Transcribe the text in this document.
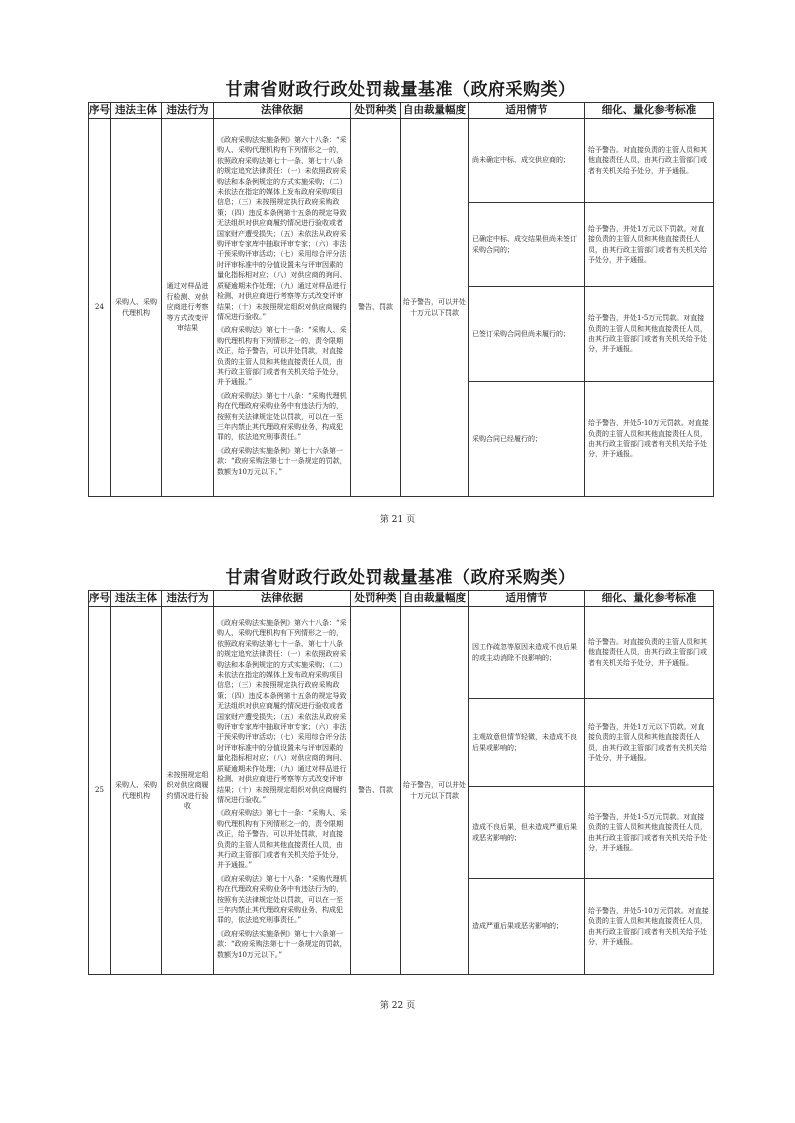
甘肃省财政行政处罚裁量基准（政府采购类）
序号	违法主体	违法行为	法律依据	处罚种类	自由裁量幅度	适用情节	细化、量化参考标准
24	采购人、采购代理机构	通过对样品进行检测、对供应商进行考察等方式改变评审结果	《政府采购法实施条例》第六十八条：“采购人、采购代理机构有下列情形之一的，依照政府采购法第七十一条、第七十八条的规定追究法律责任：（一）未依照政府采购法和本条例规定的方式实施采购；（二）未依法在指定的媒体上发布政府采购项目信息；（三）未按照规定执行政府采购政策；（四）违反本条例第十五条的规定导致无法组织对供应商履约情况进行验收或者国家财产遭受损失；（五）未依法从政府采购评审专家库中抽取评审专家；（六）非法干预采购评审活动；（七）采用综合评分法时评审标准中的分值设置未与评审因素的量化指标相对应；（八）对供应商的询问、质疑逾期未作处理；（九）通过对样品进行检测、对供应商进行考察等方式改变评审结果；（十）未按照规定组织对供应商履约情况进行验收。”

《政府采购法》第七十一条：“采购人、采购代理机构有下列情形之一的，责令限期改正，给予警告，可以并处罚款，对直接负责的主管人员和其他直接责任人员，由其行政主管部门或者有关机关给予处分，并予通报。”

《政府采购法》第七十八条：“采购代理机构在代理政府采购业务中有违法行为的，按照有关法律规定处以罚款，可以在一至三年内禁止其代理政府采购业务，构成犯罪的，依法追究刑事责任。”

《政府采购法实施条例》第七十六条第一款：“政府采购法第七十一条规定的罚款，数额为10万元以下。”	警告、罚款	给予警告，可以并处十万元以下罚款	尚未确定中标、成交供应商的；	给予警告。对直接负责的主管人员和其他直接责任人员，由其行政主管部门或者有关机关给予处分，并予通报。
						已确定中标、成交结果但尚未签订采购合同的；	给予警告，并处1万元以下罚款。对直接负责的主管人员和其他直接责任人员，由其行政主管部门或者有关机关给予处分，并予通报。
						已签订采购合同但尚未履行的；	给予警告，并处1-5万元罚款。对直接负责的主管人员和其他直接责任人员，由其行政主管部门或者有关机关给予处分，并予通报。
						采购合同已经履行的；	给予警告，并处5-10万元罚款。对直接负责的主管人员和其他直接责任人员，由其行政主管部门或者有关机关给予处分，并予通报。
第 21 页
甘肃省财政行政处罚裁量基准（政府采购类）
序号	违法主体	违法行为	法律依据	处罚种类	自由裁量幅度	适用情节	细化、量化参考标准
25	采购人、采购代理机构	未按照规定组织对供应商履约情况进行验收	《政府采购法实施条例》第六十八条：“采购人、采购代理机构有下列情形之一的，依照政府采购法第七十一条、第七十八条的规定追究法律责任：（一）未依照政府采购法和本条例规定的方式实施采购；（二）未依法在指定的媒体上发布政府采购项目信息；（三）未按照规定执行政府采购政策；（四）违反本条例第十五条的规定导致无法组织对供应商履约情况进行验收或者国家财产遭受损失；（五）未依法从政府采购评审专家库中抽取评审专家；（六）非法干预采购评审活动；（七）采用综合评分法时评审标准中的分值设置未与评审因素的量化指标相对应；（八）对供应商的询问、质疑逾期未作处理；（九）通过对样品进行检测、对供应商进行考察等方式改变评审结果；（十）未按照规定组织对供应商履约情况进行验收。”

《政府采购法》第七十一条：“采购人、采购代理机构有下列情形之一的，责令限期改正，给予警告，可以并处罚款，对直接负责的主管人员和其他直接责任人员，由其行政主管部门或者有关机关给予处分，并予通报。”

《政府采购法》第七十八条：“采购代理机构在代理政府采购业务中有违法行为的，按照有关法律规定处以罚款，可以在一至三年内禁止其代理政府采购业务，构成犯罪的，依法追究刑事责任。”

《政府采购法实施条例》第七十六条第一款：“政府采购法第七十一条规定的罚款，数额为10万元以下。”	警告、罚款	给予警告，可以并处十万元以下罚款	因工作疏忽等原因未造成不良后果的或主动消除不良影响的；	给予警告。对直接负责的主管人员和其他直接责任人员，由其行政主管部门或者有关机关给予处分，并予通报。
						主观故意但情节轻微，未造成不良后果或影响的；	给予警告，并处1万元以下罚款。对直接负责的主管人员和其他直接责任人员，由其行政主管部门或者有关机关给予处分，并予通报。
						造成不良后果，但未造成严重后果或恶劣影响的；	给予警告，并处1-5万元罚款。对直接负责的主管人员和其他直接责任人员，由其行政主管部门或者有关机关给予处分，并予通报。
						造成严重后果或恶劣影响的；	给予警告，并处5-10万元罚款。对直接负责的主管人员和其他直接责任人员，由其行政主管部门或者有关机关给予处分，并予通报。
第 22 页
